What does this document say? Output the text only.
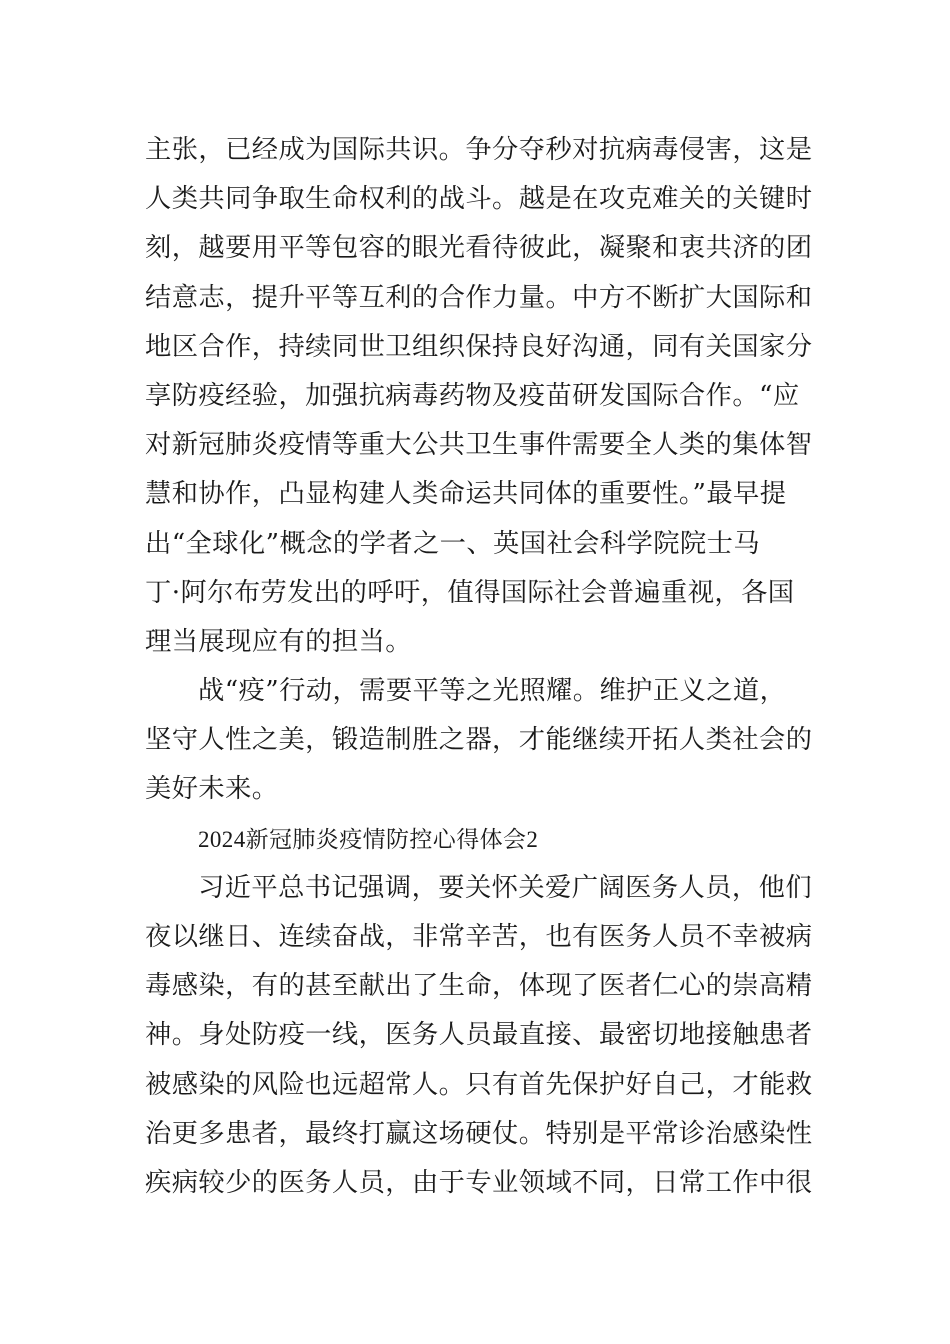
主张，已经成为国际共识。争分夺秒对抗病毒侵害，这是
人类共同争取生命权利的战斗。越是在攻克难关的关键时
刻，越要用平等包容的眼光看待彼此，凝聚和衷共济的团
结意志，提升平等互利的合作力量。中方不断扩大国际和
地区合作，持续同世卫组织保持良好沟通，同有关国家分
享防疫经验，加强抗病毒药物及疫苗研发国际合作。“应
对新冠肺炎疫情等重大公共卫生事件需要全人类的集体智
慧和协作，凸显构建人类命运共同体的重要性。”最早提
出“全球化”概念的学者之一、英国社会科学院院士马
丁·阿尔布劳发出的呼吁，值得国际社会普遍重视，各国
理当展现应有的担当。
战“疫”行动，需要平等之光照耀。维护正义之道，
坚守人性之美，锻造制胜之器，才能继续开拓人类社会的
美好未来。
2024新冠肺炎疫情防控心得体会2
习近平总书记强调，要关怀关爱广阔医务人员，他们
夜以继日、连续奋战，非常辛苦，也有医务人员不幸被病
毒感染，有的甚至献出了生命，体现了医者仁心的崇高精
神。身处防疫一线，医务人员最直接、最密切地接触患者
被感染的风险也远超常人。只有首先保护好自己，才能救
治更多患者，最终打赢这场硬仗。特别是平常诊治感染性
疾病较少的医务人员，由于专业领域不同，日常工作中很
